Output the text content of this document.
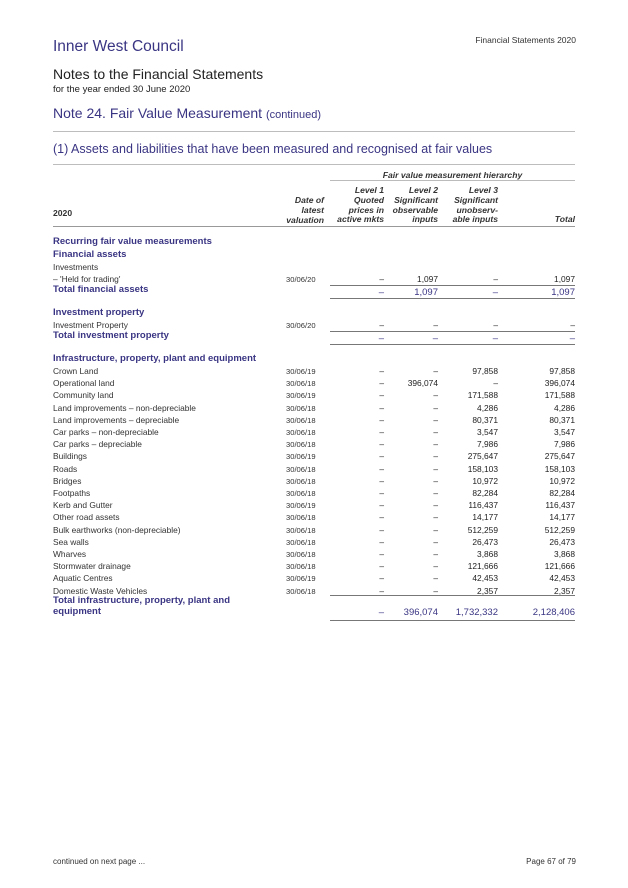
Inner West Council	Financial Statements 2020
Notes to the Financial Statements
for the year ended 30 June 2020
Note 24. Fair Value Measurement (continued)
(1) Assets and liabilities that have been measured and recognised at fair values
Fair value measurement hierarchy
2020
Date of
latest
valuation
Level 1
Quoted
prices in
active mkts
Level 2
Significant
observable
inputs
Level 3
Significant
unobserv-
able inputs	Total
Recurring fair value measurements
Financial assets
Investments
– 'Held for trading'	30/06/20	–	1,097	–	1,097
Total financial assets	–	1,097	–	1,097
Investment property
Investment Property	30/06/20	–	–	–	–
Total investment property	–	–	–	–
Infrastructure, property, plant and equipment
Crown Land	30/06/19	–	–	97,858	97,858
Operational land	30/06/18	–	396,074	–	396,074
Community land	30/06/19	–	–	171,588	171,588
Land improvements – non-depreciable	30/06/18	–	–	4,286	4,286
Land improvements – depreciable	30/06/18	–	–	80,371	80,371
Car parks – non-depreciable	30/06/18	–	–	3,547	3,547
Car parks – depreciable	30/06/18	–	–	7,986	7,986
Buildings	30/06/19	–	–	275,647	275,647
Roads	30/06/18	–	–	158,103	158,103
Bridges	30/06/18	–	–	10,972	10,972
Footpaths	30/06/18	–	–	82,284	82,284
Kerb and Gutter	30/06/19	–	–	116,437	116,437
Other road assets	30/06/18	–	–	14,177	14,177
Bulk earthworks (non-depreciable)	30/06/18	–	–	512,259	512,259
Sea walls	30/06/18	–	–	26,473	26,473
Wharves	30/06/18	–	–	3,868	3,868
Stormwater drainage	30/06/18	–	–	121,666	121,666
Aquatic Centres	30/06/19	–	–	42,453	42,453
Domestic Waste Vehicles	30/06/18	–	–	2,357	2,357
Total infrastructure, property, plant and
equipment	– 396,074 1,732,332	2,128,406
continued on next page ...	Page 67 of 79
